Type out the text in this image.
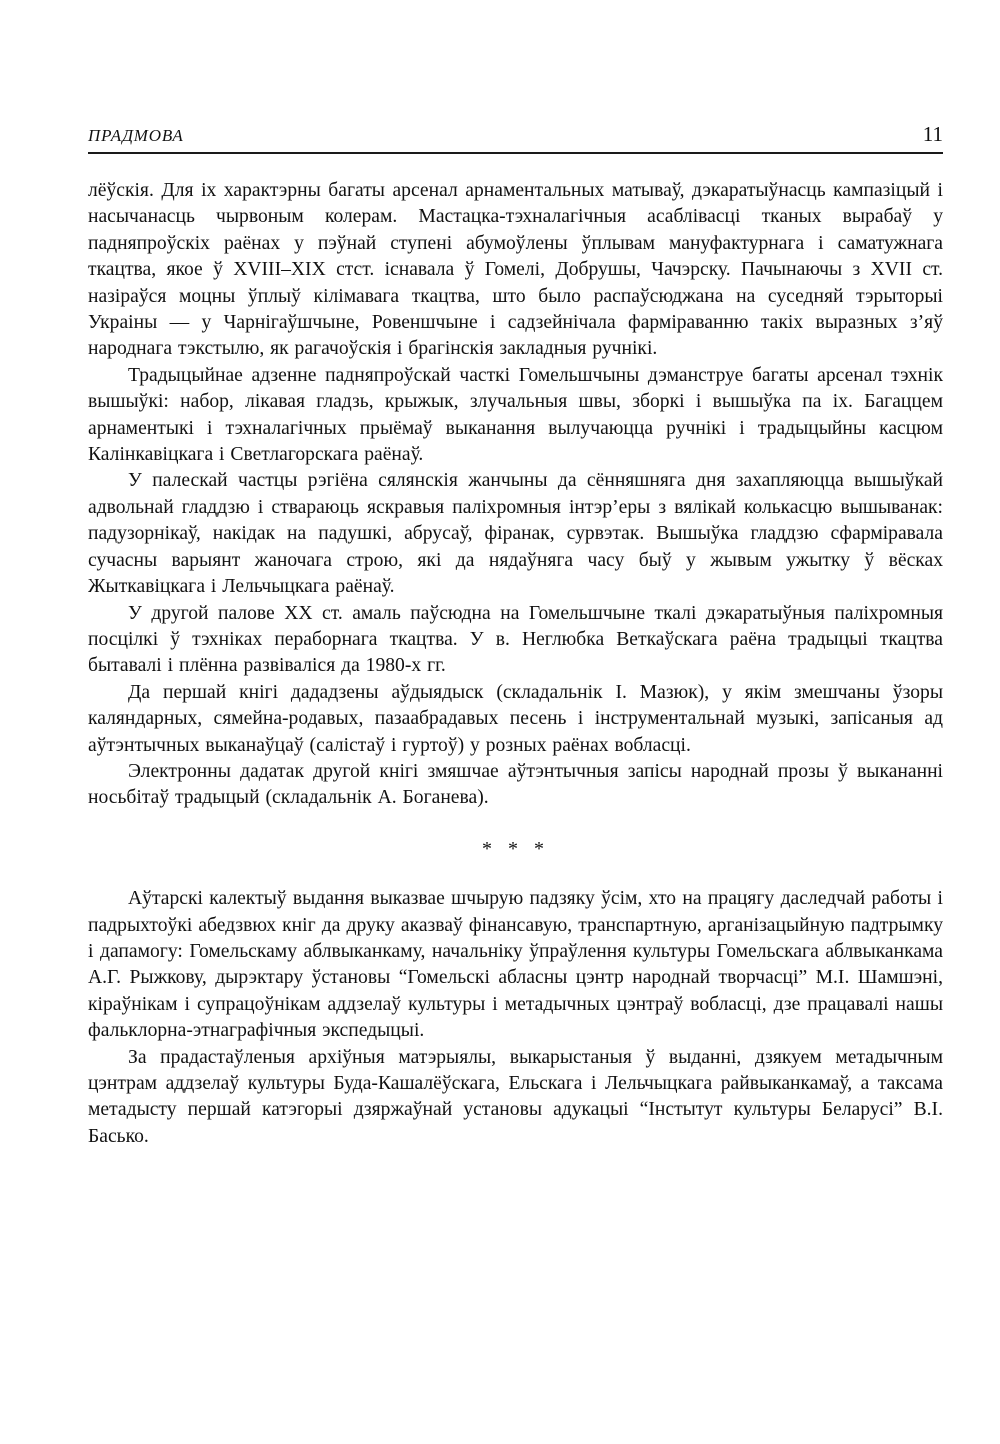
ПРАДМОВА	11

лёўскія. Для іх характэрны багаты арсенал арнаментальных матываў, дэкаратыўнасць кампазіцый і насычанасць чырвоным колерам. Мастацка-тэхналагічныя асаблівасці тканых вырабаў у падняпроўскіх раёнах у пэўнай ступені абумоўлены ўплывам мануфактурнага і саматужнага ткацтва, якое ў XVIII–XIX стст. існавала ў Гомелі, Добрушы, Чачэрску. Пачынаючы з XVII ст. назіраўся моцны ўплыў кілімавага ткацтва, што было распаўсюджана на суседняй тэрыторыі Украіны — у Чарнігаўшчыне, Ровеншчыне і садзейнічала фарміраванню такіх выразных з’яў народнага тэкстылю, як рагачоўскія і брагінскія закладныя ручнікі.

Традыцыйнае адзенне падняпроўскай часткі Гомельшчыны дэманструе багаты арсенал тэхнік вышыўкі: набор, лікавая гладзь, крыжык, злучальныя швы, зборкі і вышыўка па іх. Багаццем арнаментыкі і тэхналагічных прыёмаў выканання вылучаюцца ручнікі і традыцыйны касцюм Калінкавіцкага і Светлагорскага раёнаў.

У палескай частцы рэгіёна сялянскія жанчыны да сённяшняга дня захапляюцца вышыўкай адвольнай гладдзю і ствараюць яскравыя паліхромныя інтэр’еры з вялікай колькасцю вышыванак: падузорнікаў, накідак на падушкі, абрусаў, фіранак, сурвэтак. Вышыўка гладдзю сфарміравала сучасны варыянт жаночага строю, які да нядаўняга часу быў у жывым ужытку ў вёсках Жыткавіцкага і Лельчыцкага раёнаў.

У другой палове XX ст. амаль паўсюдна на Гомельшчыне ткалі дэкаратыўныя паліхромныя посцілкі ў тэхніках пераборнага ткацтва. У в. Неглюбка Веткаўскага раёна традыцыі ткацтва бытавалі і плённа развіваліся да 1980-х гг.

Да першай кнігі дададзены аўдыядыск (складальнік І. Мазюк), у якім змешчаны ўзоры каляндарных, сямейна-родавых, пазаабрадавых песень і інструментальнай музыкі, запісаныя ад аўтэнтычных выканаўцаў (салістаў і гуртоў) у розных раёнах вобласці.

Электронны дадатак другой кнігі змяшчае аўтэнтычныя запісы народнай прозы ў выкананні носьбітаў традыцый (складальнік А. Боганева).

* * *

Аўтарскі калектыў выдання выказвае шчырую падзяку ўсім, хто на працягу даследчай работы і падрыхтоўкі абедзвюх кніг да друку аказваў фінансавую, транспартную, арганізацыйную падтрымку і дапамогу: Гомельскаму аблвыканкаму, начальніку ўпраўлення культуры Гомельскага аблвыканкама А.Г. Рыжкову, дырэктару ўстановы “Гомельскі абласны цэнтр народнай творчасці” М.І. Шамшэні, кіраўнікам і супрацоўнікам аддзелаў культуры і метадычных цэнтраў вобласці, дзе працавалі нашы фальклорна-этнаграфічныя экспедыцыі.

За прадастаўленыя архіўныя матэрыялы, выкарыстаныя ў выданні, дзякуем метадычным цэнтрам аддзелаў культуры Буда-Кашалёўскага, Ельскага і Лельчыцкага райвыканкамаў, а таксама метадысту першай катэгорыі дзяржаўнай установы адукацыі “Інстытут культуры Беларусі” В.І. Басько.
